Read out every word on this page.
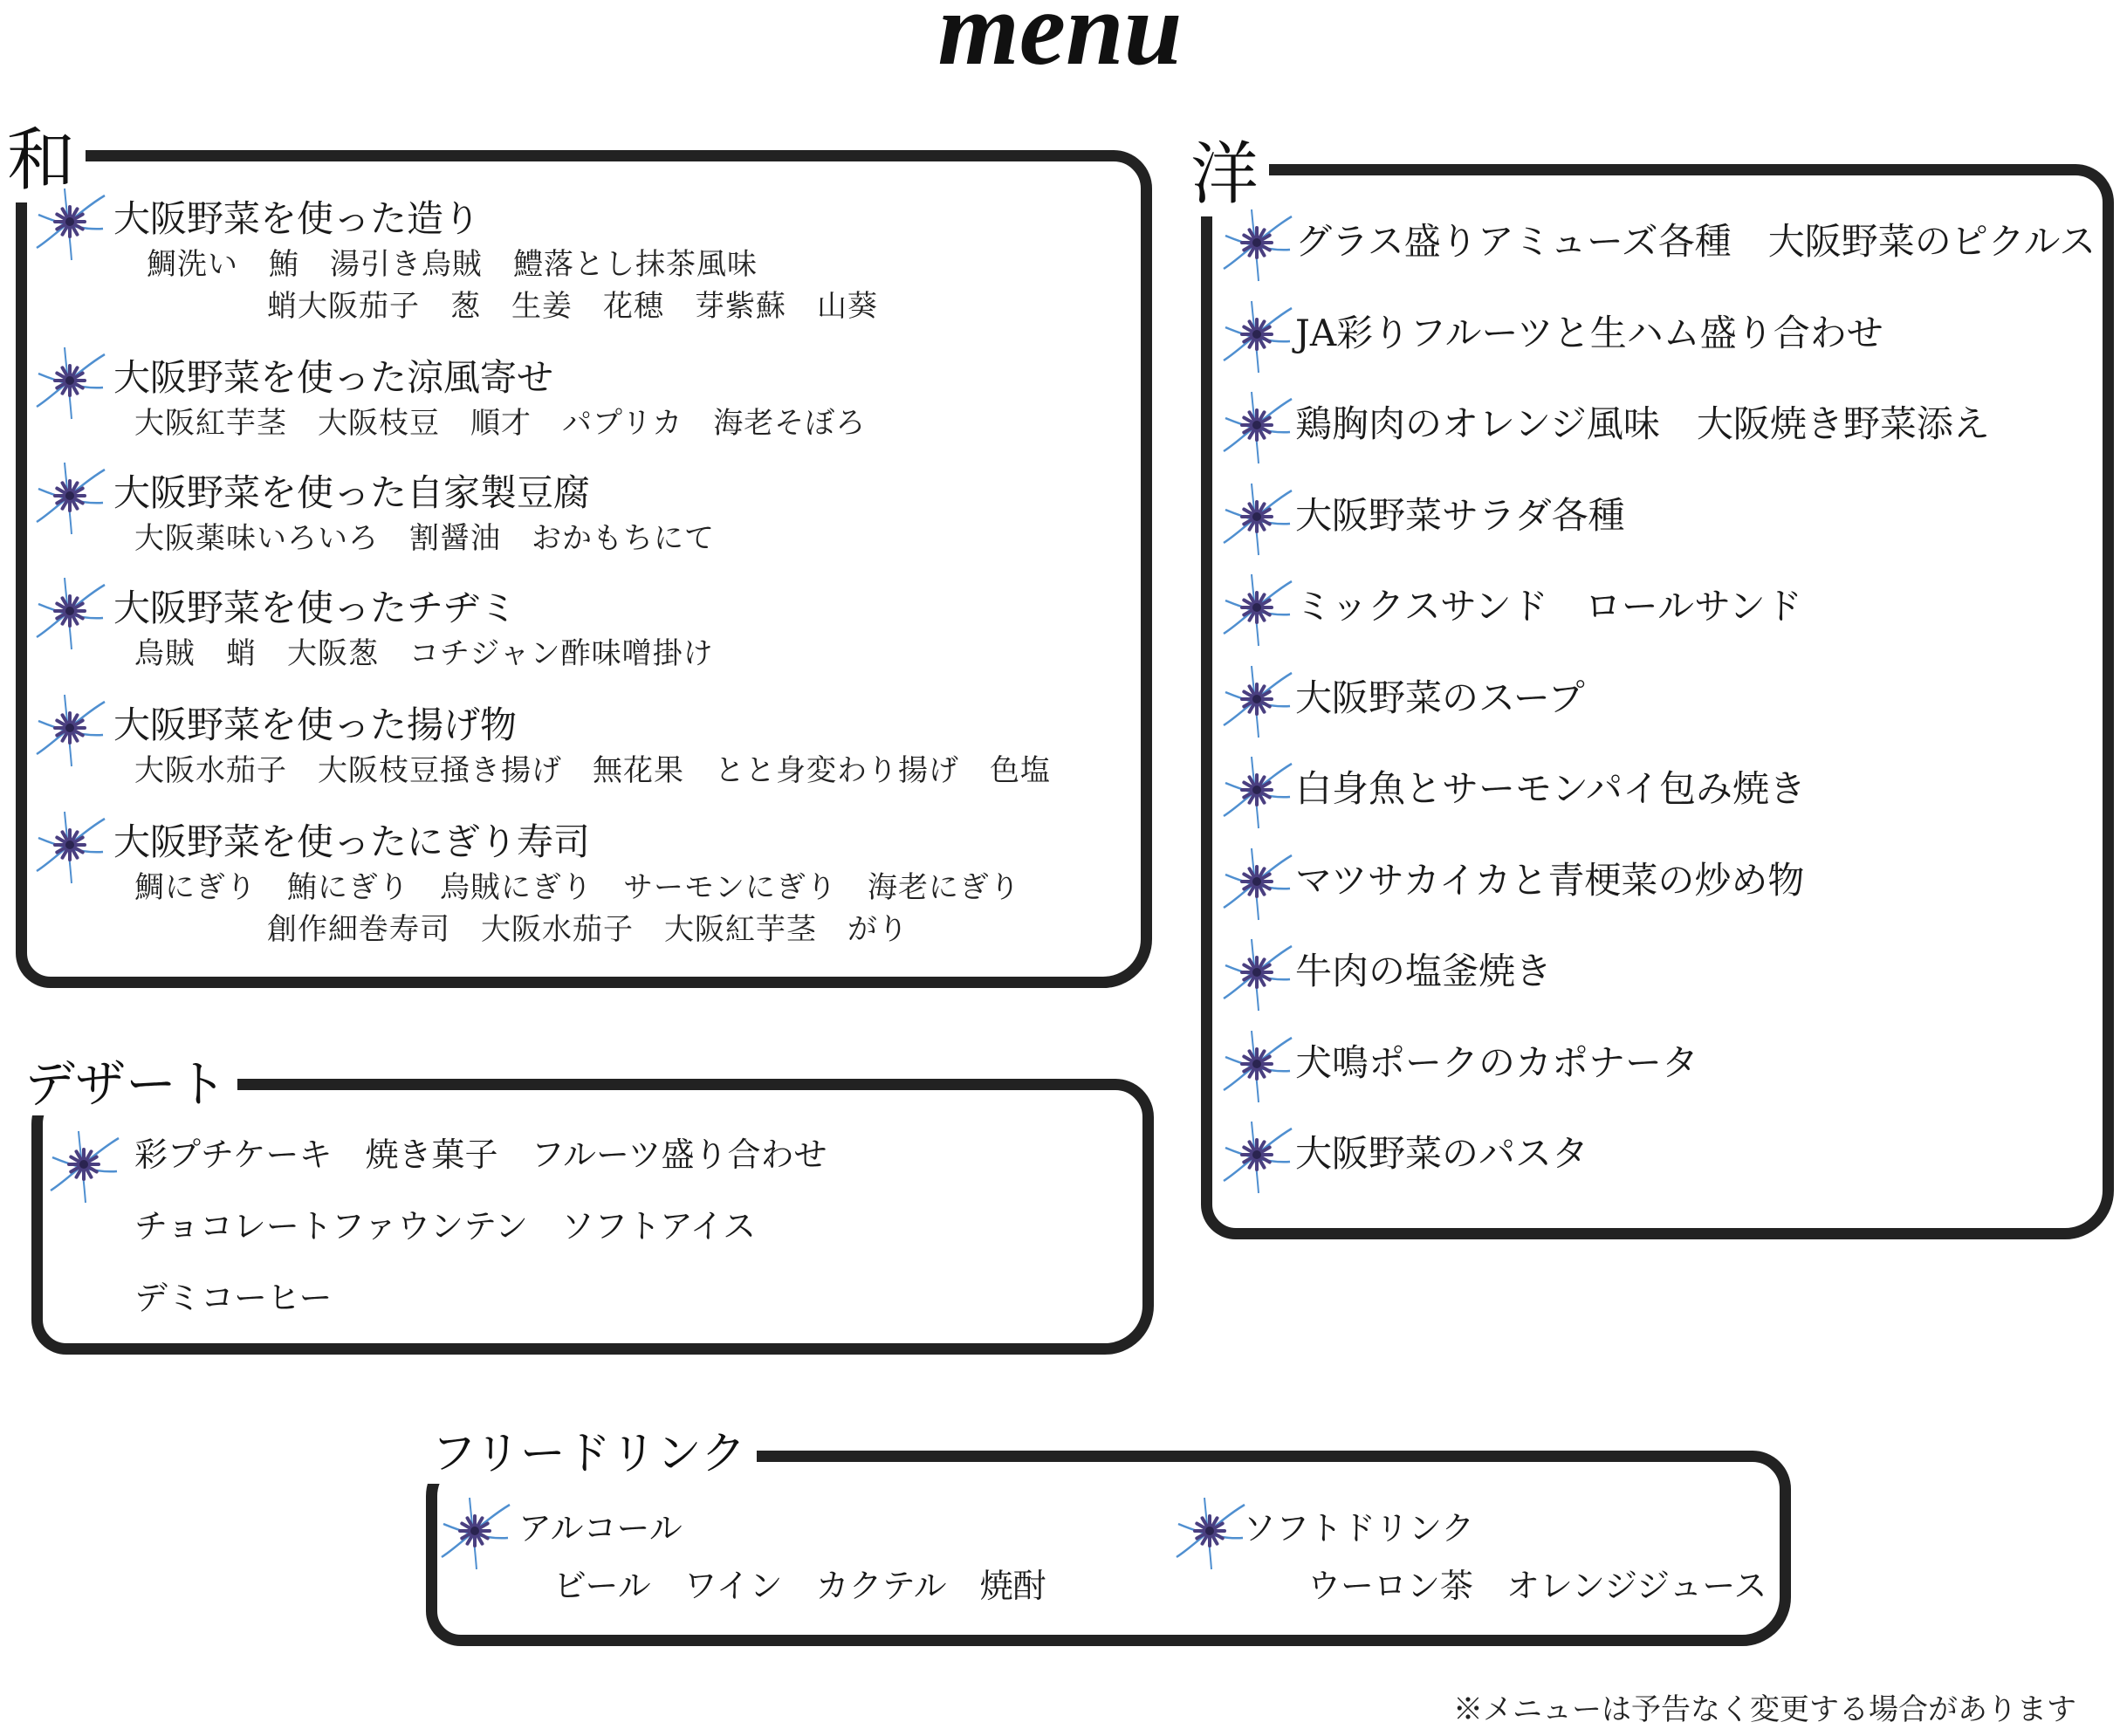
menu
和
大阪野菜を使った造り
鯛洗い　鮪　湯引き烏賊　鱧落とし抹茶風味
蛸大阪茄子　葱　生姜　花穂　芽紫蘇　山葵
大阪野菜を使った涼風寄せ
大阪紅芋茎　大阪枝豆　順才　パプリカ　海老そぼろ
大阪野菜を使った自家製豆腐
大阪薬味いろいろ　割醤油　おかもちにて
大阪野菜を使ったチヂミ
烏賊　蛸　大阪葱　コチジャン酢味噌掛け
大阪野菜を使った揚げ物
大阪水茄子　大阪枝豆掻き揚げ　無花果　とと身変わり揚げ　色塩
大阪野菜を使ったにぎり寿司
鯛にぎり　鮪にぎり　烏賊にぎり　サーモンにぎり　海老にぎり
創作細巻寿司　大阪水茄子　大阪紅芋茎　がり
洋
グラス盛りアミューズ各種　大阪野菜のピクルス
JA彩りフルーツと生ハム盛り合わせ
鶏胸肉のオレンジ風味　大阪焼き野菜添え
大阪野菜サラダ各種
ミックスサンド　ロールサンド
大阪野菜のスープ
白身魚とサーモンパイ包み焼き
マツサカイカと青梗菜の炒め物
牛肉の塩釜焼き
犬鳴ポークのカポナータ
大阪野菜のパスタ
デザート
彩プチケーキ　焼き菓子　フルーツ盛り合わせ
チョコレートファウンテン　ソフトアイス
デミコーヒー
フリードリンク
アルコール
ビール　ワイン　カクテル　焼酎
ソフトドリンク
ウーロン茶　オレンジジュース
※メニューは予告なく変更する場合があります
